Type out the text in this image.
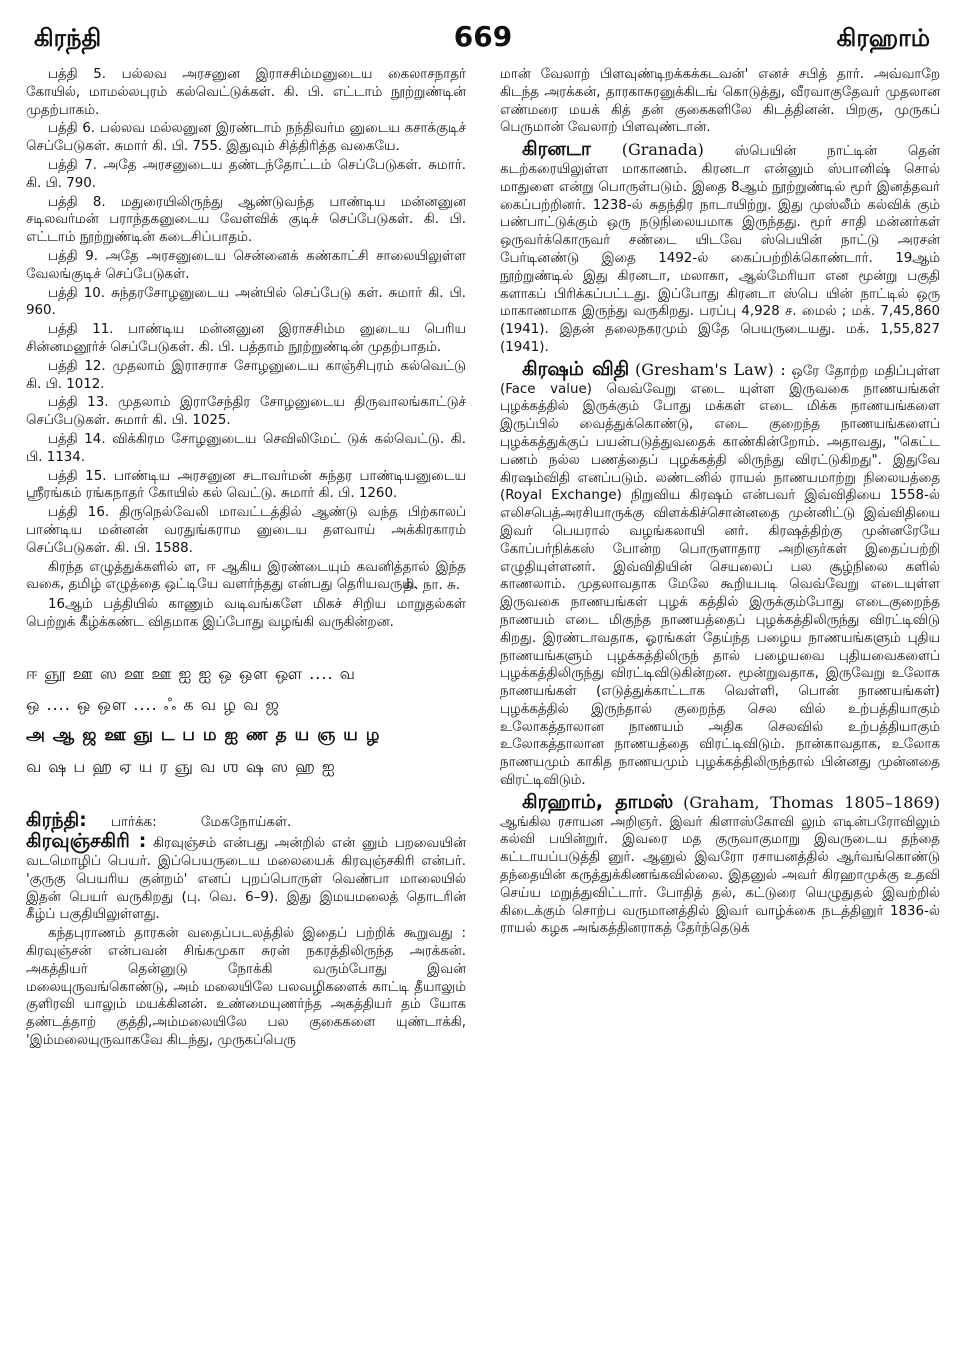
கிரந்தி	669	கிரஹாம்

பத்தி 5. பல்லவ அரசனுன இராசசிம்மனுடைய கைலாசநாதர் கோயில், மாமல்லபுரம் கல்வெட்டுக்கள். கி. பி. எட்டாம் நூற்றுண்டின் முதற்பாகம்.

பத்தி 6. பல்லவ மல்லனுன இரண்டாம் நந்திவர்ம னுடைய கசாக்குடிச் செப்பேடுகள். சுமார் கி. பி. 755. இதுவும் சித்திரித்த வகையே.

பத்தி 7. அதே அரசனுடைய தண்டந்தோட்டம் செப்பேடுகள். சுமார். கி. பி. 790.

பத்தி 8. மதுரையிலிருந்து ஆண்டுவந்த பாண்டிய மன்னனுன சடிலவர்மன் பராந்தகனுடைய வேள்விக் குடிச் செப்பேடுகள். கி. பி. எட்டாம் நூற்றுண்டின் கடைசிப்பாதம்.

பத்தி 9. அதே அரசனுடைய சென்னைக் கண்காட்சி சாலையிலுள்ள வேலங்குடிச் செப்பேடுகள்.

பத்தி 10. சுந்தரசோழனுடைய அன்பில் செப்பேடு கள். சுமார் கி. பி. 960.

பத்தி 11. பாண்டிய மன்னனுன இராசசிம்ம னுடைய பெரிய சின்னமனூர்ச் செப்பேடுகள். கி. பி. பத்தாம் நூற்றுண்டின் முதற்பாதம்.

பத்தி 12. முதலாம் இராசராச சோழனுடைய காஞ்சிபுரம் கல்வெட்டு கி. பி. 1012.

பத்தி 13. முதலாம் இராசேந்திர சோழனுடைய திருவாலங்காட்டுச் செப்பேடுகள். சுமார் கி. பி. 1025.

பத்தி 14. விக்கிரம சோழனுடைய செவிலிமேட் டுக் கல்வெட்டு. கி. பி. 1134.

பத்தி 15. பாண்டிய அரசனுன சடாவர்மன் சுந்தர பாண்டியனுடைய ஸ்ரீரங்கம் ரங்கநாதர் கோயில் கல் வெட்டு. சுமார் கி. பி. 1260.

பத்தி 16. திருநெல்வேலி மாவட்டத்தில் ஆண்டு வந்த பிற்காலப் பாண்டிய மன்னன் வரதுங்கராம னுடைய தளவாய் அக்கிரகாரம் செப்பேடுகள். கி. பி. 1588.

கிரந்த எழுத்துக்களில் ள, ஈ ஆகிய இரண்டையும் கவனித்தால் இந்த வகை, தமிழ் எழுத்தை ஒட்டியே வளர்ந்தது என்பது தெரியவரும்.

தி. நா. சு.

16ஆம் பத்தியில் காணும் வடிவங்களே மிகச் சிறிய மாறுதல்கள் பெற்றுக் கீழ்க்கண்ட விதமாக இப்போது வழங்கி வருகின்றன.

ஈ ஞூ ஊ ஸ ஊ ஊ ஐ ஐ ஒ ஒள ஔ .... வ
ஒ .... ஒ ஒள .... ஃ க வ ழ வ ஜ
அ ஆ ஜ ஊ ஞு ட ப ம ஐ ண த ய ஞ ய ழ
வ ஷ ப ஹ ஏ ய ர ஞு வ ஶ ஷ ஸ ஹ ஐ

கிரந்தி: பார்க்க:	மேகநோய்கள்.

கிரவுஞ்சகிரி : கிரவுஞ்சம் என்பது அன்றில் என் னும் பறவையின் வடமொழிப் பெயர். இப்பெயருடைய மலையைக் கிரவுஞ்சகிரி என்பர். 'குருகு பெயரிய குன்றம்' எனப் புறப்பொருள் வெண்பா மாலையில் இதன் பெயர் வருகிறது (பு. வெ. 6–9). இது இமயமலைத் தொடரின் கீழ்ப் பகுதியிலுள்ளது.

கந்தபுராணம் தாரகன் வதைப்படலத்தில் இதைப் பற்றிக் கூறுவது : கிரவுஞ்சன் என்பவன் சிங்கமுகா சுரன் நகரத்திலிருந்த அரக்கன். அகத்தியர் தென்னுடு நோக்கி வரும்போது இவன் மலையுருவங்கொண்டு, அம் மலையிலே பலவழிகளைக் காட்டி தீயாலும் குளிரவி யாலும் மயக்கினன். உண்மையுணர்ந்த அகத்தியர் தம் யோக தண்டத்தாற் குத்தி,அம்மலையிலே பல குகைகளை யுண்டாக்கி, 'இம்மலையுருவாகவே கிடந்து, முருகப்பெரு

மான் வேலாற் பிளவுண்டிறக்கக்கடவன்' எனச் சபித் தார். அவ்வாறே கிடந்த அரக்கன், தாரகாசுரனுக்கிடங் கொடுத்து, வீரவாகுதேவர் முதலான எண்மரை மயக் கித் தன் குகைகளிலே கிடத்தினன். பிறகு, முருகப் பெருமான் வேலாற் பிளவுண்டான்.

கிரனடா (Granada) ஸ்பெயின் நாட்டின் தென் கடற்கரையிலுள்ள மாகாணம். கிரனடா என்னும் ஸ்பானிஷ் சொல் மாதுளை என்று பொருள்படும். இதை 8ஆம் நூற்றுண்டில் மூர் இனத்தவர் கைப்பற்றினர். 1238-ல் சுதந்திர நாடாயிற்று. இது முஸ்லீம் கல்விக் கும் பண்பாட்டுக்கும் ஒரு நடுநிலையமாக இருந்தது. மூர் சாதி மன்னர்கள் ஒருவர்க்கொருவர் சண்டை யிடவே ஸ்பெயின் நாட்டு அரசன் பேர்டினண்டு இதை 1492-ல் கைப்பற்றிக்கொண்டார். 19ஆம் நூற்றுண்டில் இது கிரனடா, மலாகா, ஆல்மேரியா என மூன்று பகுதி களாகப் பிரிக்கப்பட்டது. இப்போது கிரனடா ஸ்பெ யின் நாட்டில் ஒரு மாகாணமாக இருந்து வருகிறது. பரப்பு 4,928 ச. மைல் ; மக். 7,45,860 (1941). இதன் தலைநகரமும் இதே பெயருடையது. மக். 1,55,827 (1941).

கிரஷம் விதி (Gresham's Law) : ஒரே தோற்ற மதிப்புள்ள (Face value) வெவ்வேறு எடை யுள்ள இருவகை நாணயங்கள் புழக்கத்தில் இருக்கும் போது மக்கள் எடை மிக்க நாணயங்களை இருப்பில் வைத்துக்கொண்டு, எடை குறைந்த நாணயங்களைப் புழக்கத்துக்குப் பயன்படுத்துவதைக் காண்கின்றோம். அதாவது, "கெட்ட பணம் நல்ல பணத்தைப் புழக்கத்தி லிருந்து விரட்டுகிறது". இதுவே கிரஷம்விதி எனப்படும். லண்டனில் ராயல் நாணயமாற்று நிலையத்தை (Royal Exchange) நிறுவிய கிரஷம் என்பவர் இவ்விதியை 1558-ல் எலிசபெத்அரசியாருக்கு விளக்கிச்சொன்னதை முன்னிட்டு இவ்விதியை இவர் பெயரால் வழங்கலாயி னர். கிரஷத்திற்கு முன்னரேயே கோப்பர்நிக்கஸ் போன்ற பொருளாதார அறிஞர்கள் இதைப்பற்றி எழுதியுள்ளனர். இவ்விதியின் செயலைப் பல சூழ்நிலை களில் காணலாம். முதலாவதாக மேலே கூறியபடி வெவ்வேறு எடையுள்ள இருவகை நாணயங்கள் புழக் கத்தில் இருக்கும்போது எடைகுறைந்த நாணயம் எடை மிகுந்த நாணயத்தைப் புழக்கத்திலிருந்து விரட்டிவிடு கிறது. இரண்டாவதாக, ஓரங்கள் தேய்ந்த பழைய நாணயங்களும் புதிய நாணயங்களும் புழக்கத்திலிருந் தால் பழையவை புதியவைகளைப் புழக்கத்திலிருந்து விரட்டிவிடுகின்றன. மூன்றுவதாக, இருவேறு உலோக நாணயங்கள் (எடுத்துக்காட்டாக வெள்ளி, பொன் நாணயங்கள்) புழக்கத்தில் இருந்தால் குறைந்த செல வில் உற்பத்தியாகும் உலோகத்தாலான நாணயம் அதிக செலவில் உற்பத்தியாகும் உலோகத்தாலான நாணயத்தை விரட்டிவிடும். நான்காவதாக, உலோக நாணயமும் காகித நாணயமும் புழக்கத்திலிருந்தால் பின்னது முன்னதை விரட்டிவிடும்.

கிரஹாம், தாமஸ் (Graham, Thomas 1805–1869) ஆங்கில ரசாயன அறிஞர். இவர் கிளாஸ்கோவி லும் எடின்பரோவிலும் கல்வி பயின்றுர். இவரை மத குருவாகுமாறு இவருடைய தந்தை கட்டாயப்படுத்தி னுர். ஆனுல் இவரோ ரசாயனத்தில் ஆர்வங்கொண்டு தந்தையின் கருத்துக்கிணங்கவில்லை. இதனுல் அவர் கிரஹாமுக்கு உதவி செய்ய மறுத்துவிட்டார். போதித் தல், கட்டுரை யெழுதுதல் இவற்றில் கிடைக்கும் சொற்ப வருமானத்தில் இவர் வாழ்க்கை நடத்தினுர் 1836-ல் ராயல் கழக அங்கத்தினராகத் தேர்ந்தெடுக்
